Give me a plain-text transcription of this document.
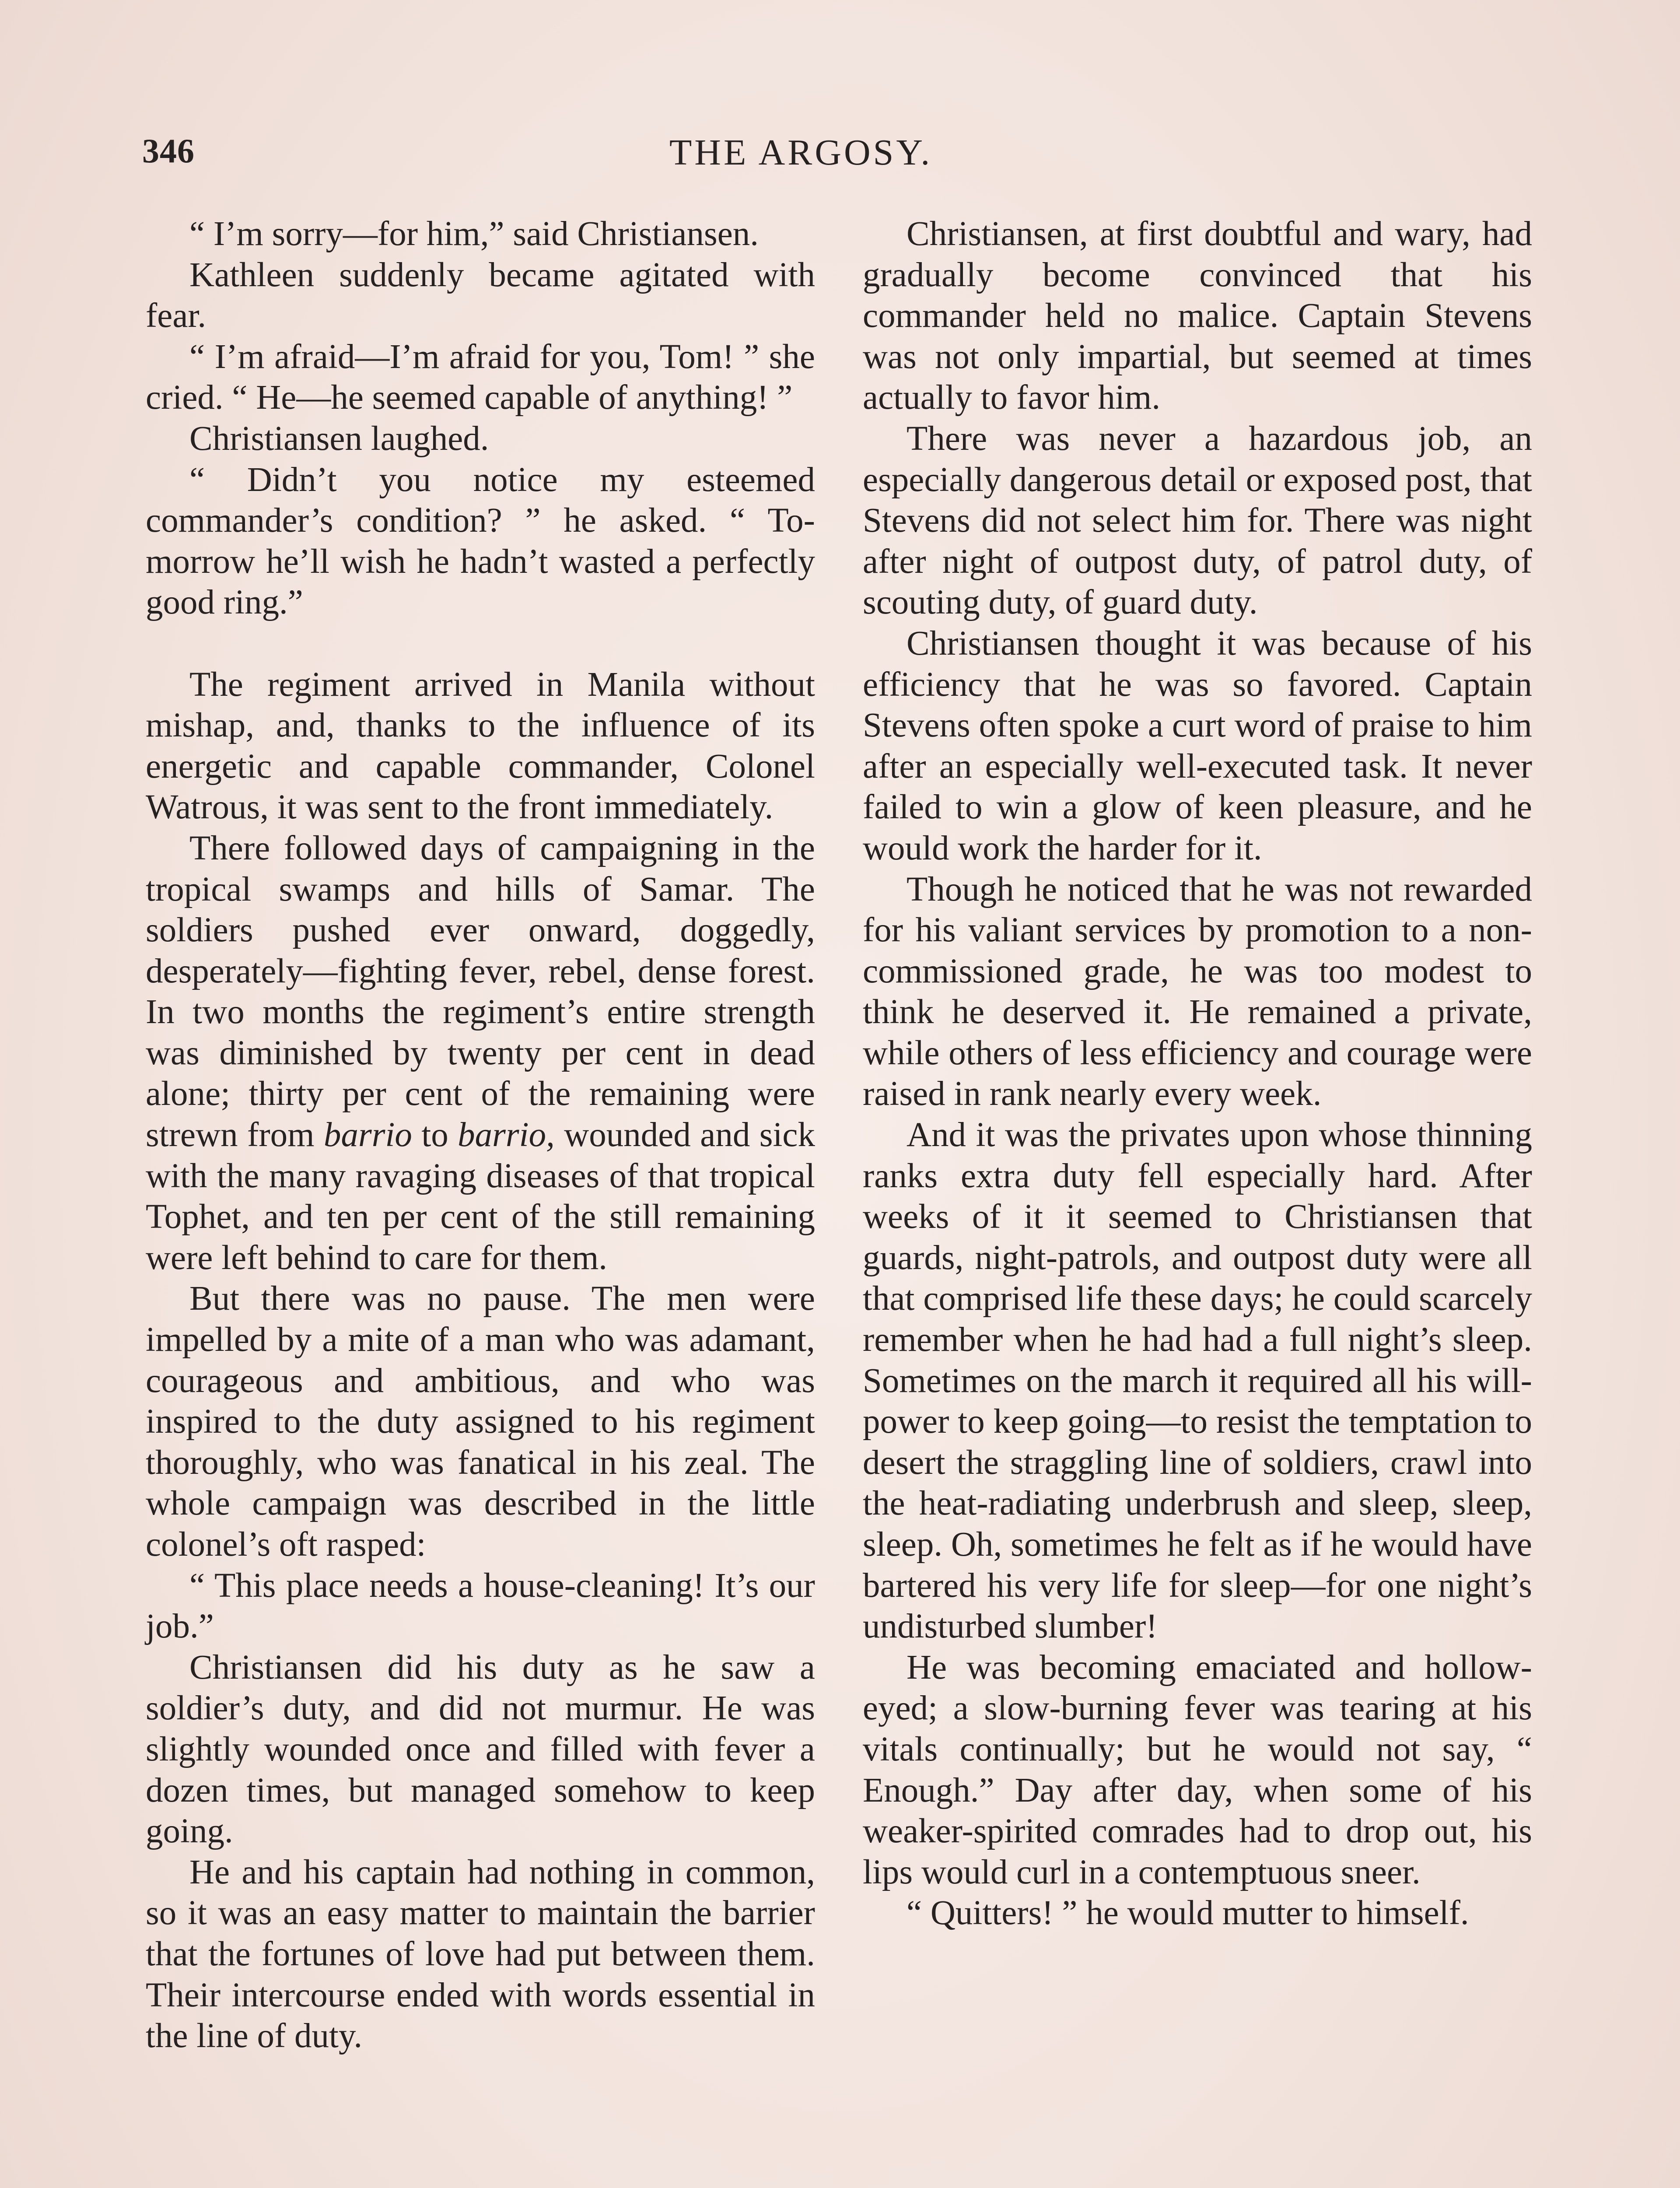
346	THE ARGOSY.

“ I’m sorry—for him,” said Christiansen.

Kathleen suddenly became agitated with fear.

“ I’m afraid—I’m afraid for you, Tom! ” she cried. “ He—he seemed capable of anything! ”

Christiansen laughed.

“ Didn’t you notice my esteemed commander’s condition? ” he asked. “ To-morrow he’ll wish he hadn’t wasted a perfectly good ring.”

The regiment arrived in Manila without mishap, and, thanks to the influence of its energetic and capable commander, Colonel Watrous, it was sent to the front immediately.

There followed days of campaigning in the tropical swamps and hills of Samar. The soldiers pushed ever onward, doggedly, desperately—fighting fever, rebel, dense forest. In two months the regiment’s entire strength was diminished by twenty per cent in dead alone; thirty per cent of the remaining were strewn from barrio to barrio, wounded and sick with the many ravaging diseases of that tropical Tophet, and ten per cent of the still remaining were left behind to care for them.

But there was no pause. The men were impelled by a mite of a man who was adamant, courageous and ambitious, and who was inspired to the duty assigned to his regiment thoroughly, who was fanatical in his zeal. The whole campaign was described in the little colonel’s oft rasped:

“ This place needs a house-cleaning! It’s our job.”

Christiansen did his duty as he saw a soldier’s duty, and did not murmur. He was slightly wounded once and filled with fever a dozen times, but managed somehow to keep going.

He and his captain had nothing in common, so it was an easy matter to maintain the barrier that the fortunes of love had put between them. Their intercourse ended with words essential in the line of duty.

Christiansen, at first doubtful and wary, had gradually become convinced that his commander held no malice. Captain Stevens was not only impartial, but seemed at times actually to favor him.

There was never a hazardous job, an especially dangerous detail or exposed post, that Stevens did not select him for. There was night after night of outpost duty, of patrol duty, of scouting duty, of guard duty.

Christiansen thought it was because of his efficiency that he was so favored. Captain Stevens often spoke a curt word of praise to him after an especially well-executed task. It never failed to win a glow of keen pleasure, and he would work the harder for it.

Though he noticed that he was not rewarded for his valiant services by promotion to a non-commissioned grade, he was too modest to think he deserved it. He remained a private, while others of less efficiency and courage were raised in rank nearly every week.

And it was the privates upon whose thinning ranks extra duty fell especially hard. After weeks of it it seemed to Christiansen that guards, night-patrols, and outpost duty were all that comprised life these days; he could scarcely remember when he had had a full night’s sleep. Sometimes on the march it required all his will-power to keep going—to resist the temptation to desert the straggling line of soldiers, crawl into the heat-radiating underbrush and sleep, sleep, sleep. Oh, sometimes he felt as if he would have bartered his very life for sleep—for one night’s undisturbed slumber!

He was becoming emaciated and hollow-eyed; a slow-burning fever was tearing at his vitals continually; but he would not say, “ Enough.” Day after day, when some of his weaker-spirited comrades had to drop out, his lips would curl in a contemptuous sneer.

“ Quitters! ” he would mutter to himself.
